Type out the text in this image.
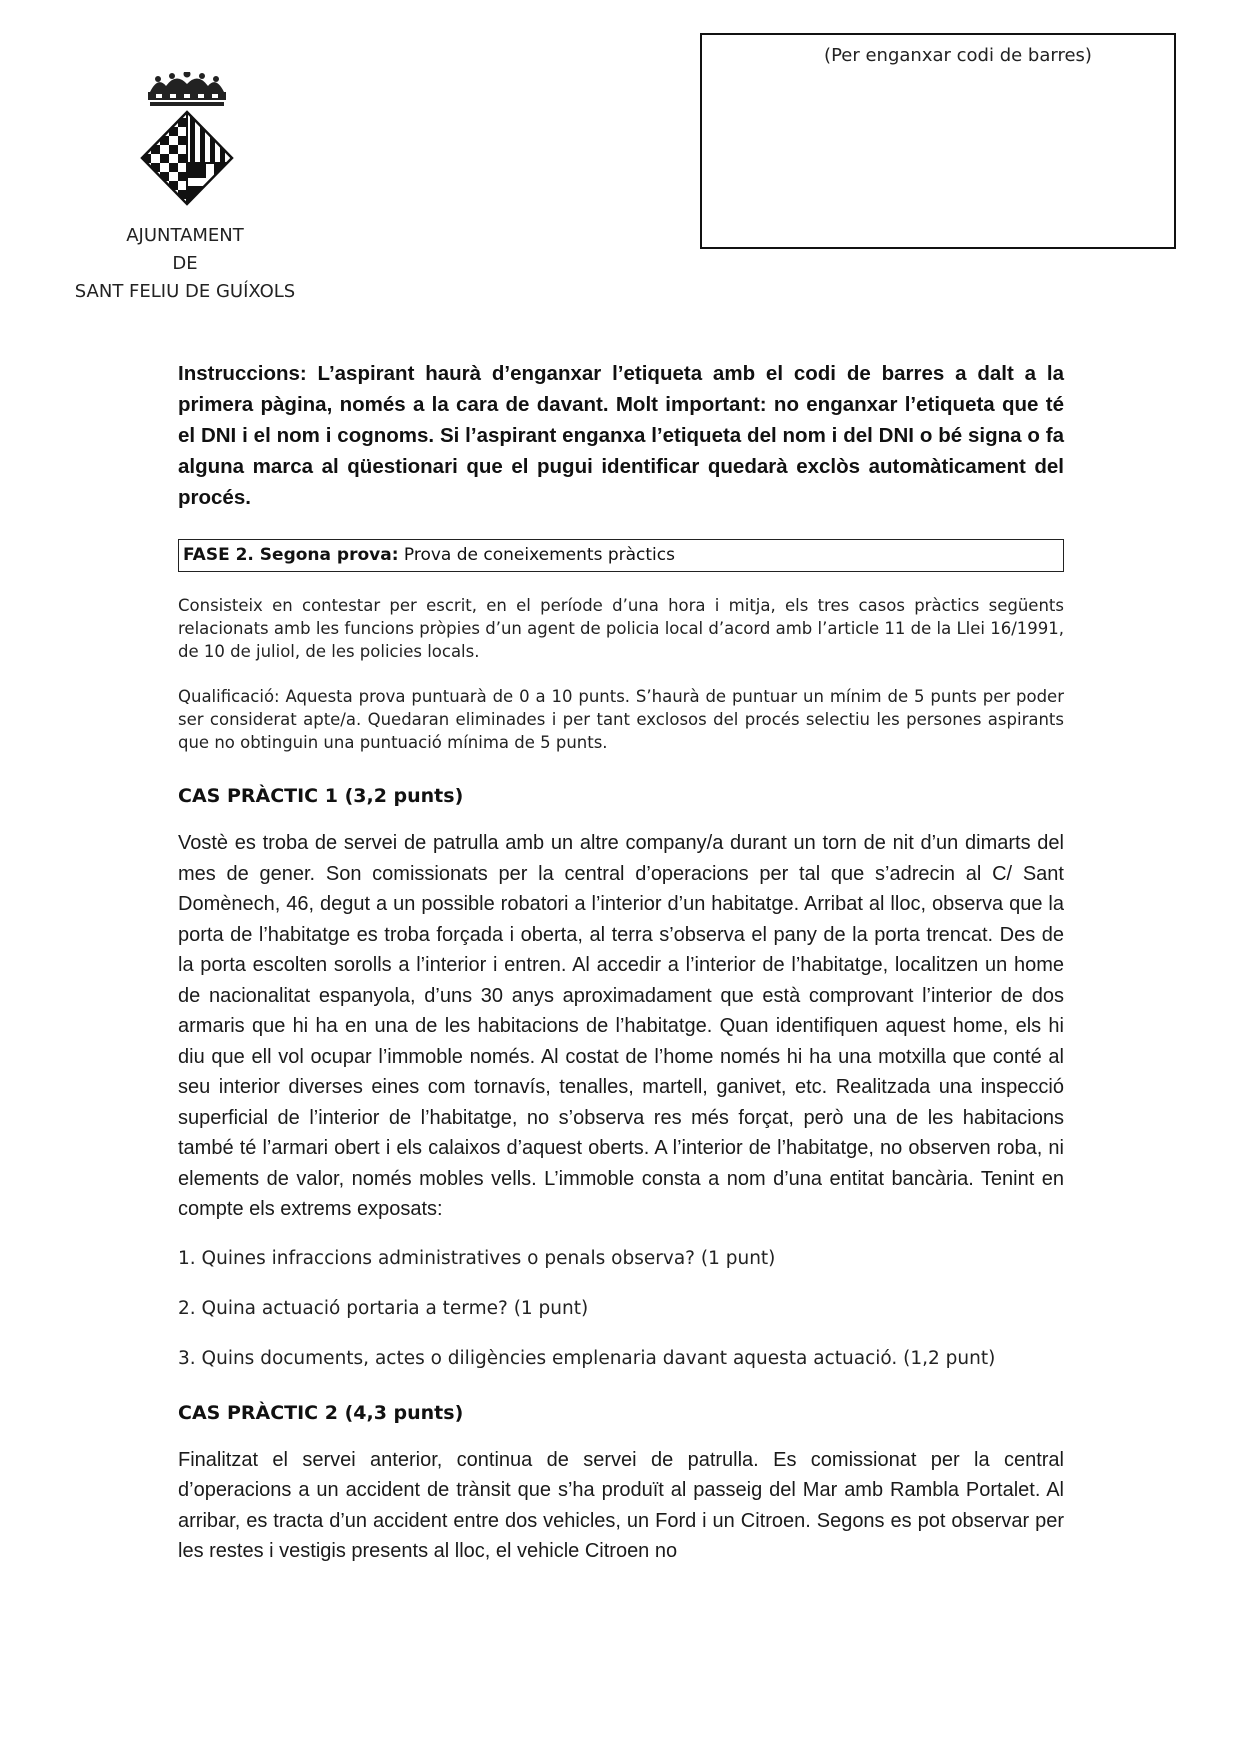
AJUNTAMENT
DE
SANT FELIU DE GUÍXOLS
(Per enganxar codi de barres)

Instruccions: L’aspirant haurà d’enganxar l’etiqueta amb el codi de barres a dalt a la primera pàgina, només a la cara de davant. Molt important: no enganxar l’etiqueta que té el DNI i el nom i cognoms. Si l’aspirant enganxa l’etiqueta del nom i del DNI o bé signa o fa alguna marca al qüestionari que el pugui identificar quedarà exclòs automàticament del procés.

FASE 2. Segona prova: Prova de coneixements pràctics

Consisteix en contestar per escrit, en el període d’una hora i mitja, els tres casos pràctics següents relacionats amb les funcions pròpies d’un agent de policia local d’acord amb l’article 11 de la Llei 16/1991, de 10 de juliol, de les policies locals.

Qualificació: Aquesta prova puntuarà de 0 a 10 punts. S’haurà de puntuar un mínim de 5 punts per poder ser considerat apte/a. Quedaran eliminades i per tant exclosos del procés selectiu les persones aspirants que no obtinguin una puntuació mínima de 5 punts.

CAS PRÀCTIC 1 (3,2 punts)

Vostè es troba de servei de patrulla amb un altre company/a durant un torn de nit d’un dimarts del mes de gener. Son comissionats per la central d’operacions per tal que s’adrecin al C/ Sant Domènech, 46, degut a un possible robatori a l’interior d’un habitatge. Arribat al lloc, observa que la porta de l’habitatge es troba forçada i oberta, al terra s’observa el pany de la porta trencat. Des de la porta escolten sorolls a l’interior i entren. Al accedir a l’interior de l’habitatge, localitzen un home de nacionalitat espanyola, d’uns 30 anys aproximadament que està comprovant l’interior de dos armaris que hi ha en una de les habitacions de l’habitatge. Quan identifiquen aquest home, els hi diu que ell vol ocupar l’immoble només. Al costat de l’home només hi ha una motxilla que conté al seu interior diverses eines com tornavís, tenalles, martell, ganivet, etc. Realitzada una inspecció superficial de l’interior de l’habitatge, no s’observa res més forçat, però una de les habitacions també té l’armari obert i els calaixos d’aquest oberts. A l’interior de l’habitatge, no observen roba, ni elements de valor, només mobles vells. L’immoble consta a nom d’una entitat bancària. Tenint en compte els extrems exposats:

1. Quines infraccions administratives o penals observa? (1 punt)

2. Quina actuació portaria a terme? (1 punt)

3. Quins documents, actes o diligències emplenaria davant aquesta actuació. (1,2 punt)

CAS PRÀCTIC 2 (4,3 punts)

Finalitzat el servei anterior, continua de servei de patrulla. Es comissionat per la central d’operacions a un accident de trànsit que s’ha produït al passeig del Mar amb Rambla Portalet. Al arribar, es tracta d’un accident entre dos vehicles, un Ford i un Citroen. Segons es pot observar per les restes i vestigis presents al lloc, el vehicle Citroen no
